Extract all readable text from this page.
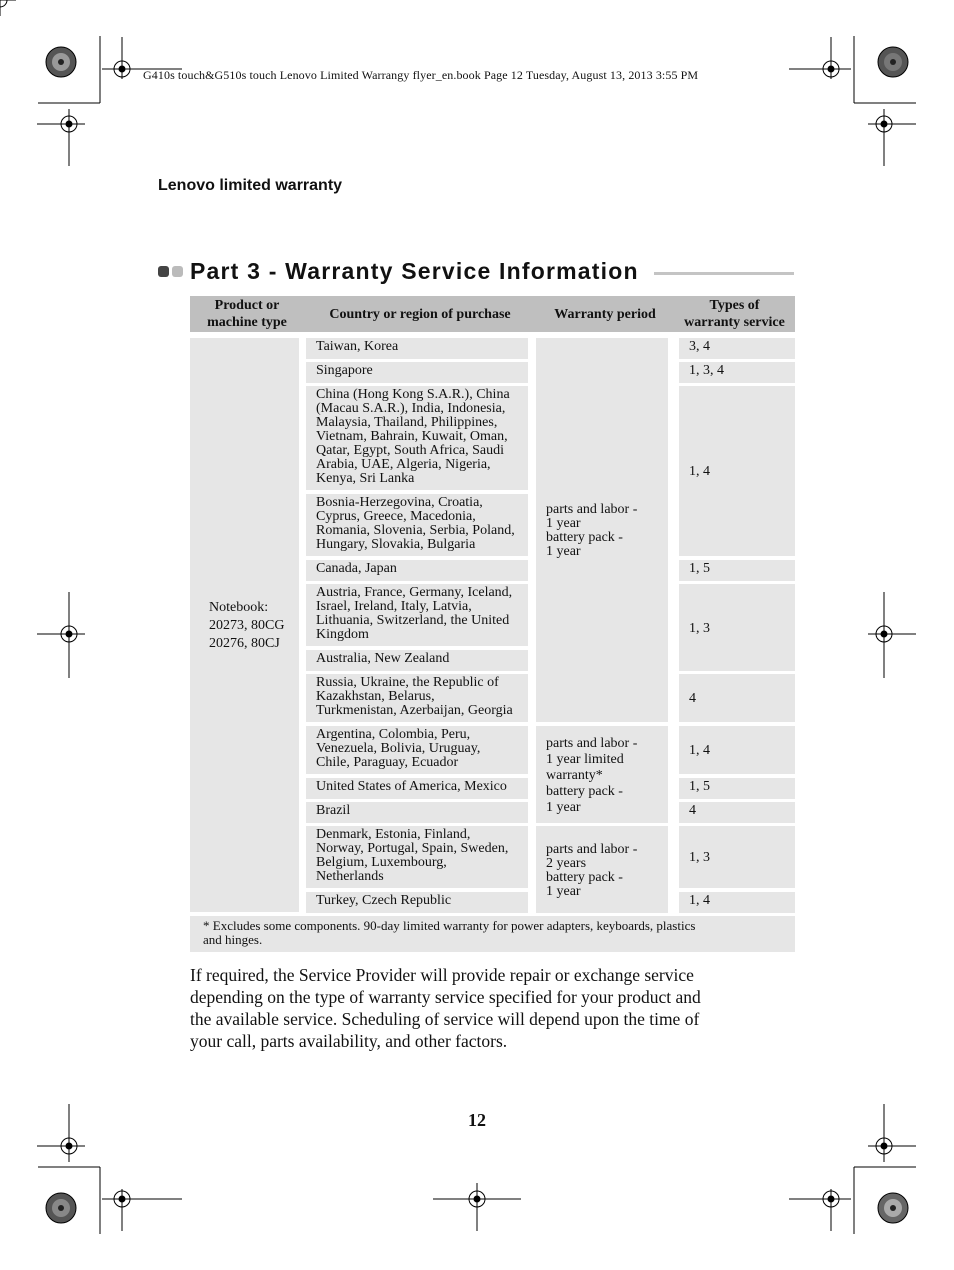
G410s touch&G510s touch Lenovo Limited Warrangy flyer_en.book Page 12 Tuesday, August 13, 2013 3:55 PM
Lenovo limited warranty
Part 3 - Warranty Service Information
Product or
machine type
Country or region of purchase	Warranty period
Types of
warranty service
Notebook:
20273, 80CG
20276, 80CJ
Taiwan, Korea
Singapore
China (Hong Kong S.A.R.), China
(Macau S.A.R.), India, Indonesia,
Malaysia, Thailand, Philippines,
Vietnam, Bahrain, Kuwait, Oman,
Qatar, Egypt, South Africa, Saudi
Arabia, UAE, Algeria, Nigeria,
Kenya, Sri Lanka
Bosnia-Herzegovina, Croatia,
Cyprus, Greece, Macedonia,
Romania, Slovenia, Serbia, Poland,
Hungary, Slovakia, Bulgaria
Canada, Japan
Austria, France, Germany, Iceland,
Israel, Ireland, Italy, Latvia,
Lithuania, Switzerland, the United
Kingdom
Australia, New Zealand
Russia, Ukraine, the Republic of
Kazakhstan, Belarus,
Turkmenistan, Azerbaijan, Georgia
Argentina, Colombia, Peru,
Venezuela, Bolivia, Uruguay,
Chile, Paraguay, Ecuador
United States of America, Mexico
Brazil
Denmark, Estonia, Finland,
Norway, Portugal, Spain, Sweden,
Belgium, Luxembourg,
Netherlands
Turkey, Czech Republic
parts and labor -
1 year
battery pack -
1 year
parts and labor -
1 year limited
warranty*
battery pack -
1 year
parts and labor -
2 years
battery pack -
1 year
3, 4
1, 3, 4
1, 4
1, 5
1, 3
4
1, 4
1, 5
4
1, 3
1, 4
* Excludes some components. 90-day limited warranty for power adapters, keyboards, plastics
and hinges.
If required, the Service Provider will provide repair or exchange service
depending on the type of warranty service specified for your product and
the available service. Scheduling of service will depend upon the time of
your call, parts availability, and other factors.
12
